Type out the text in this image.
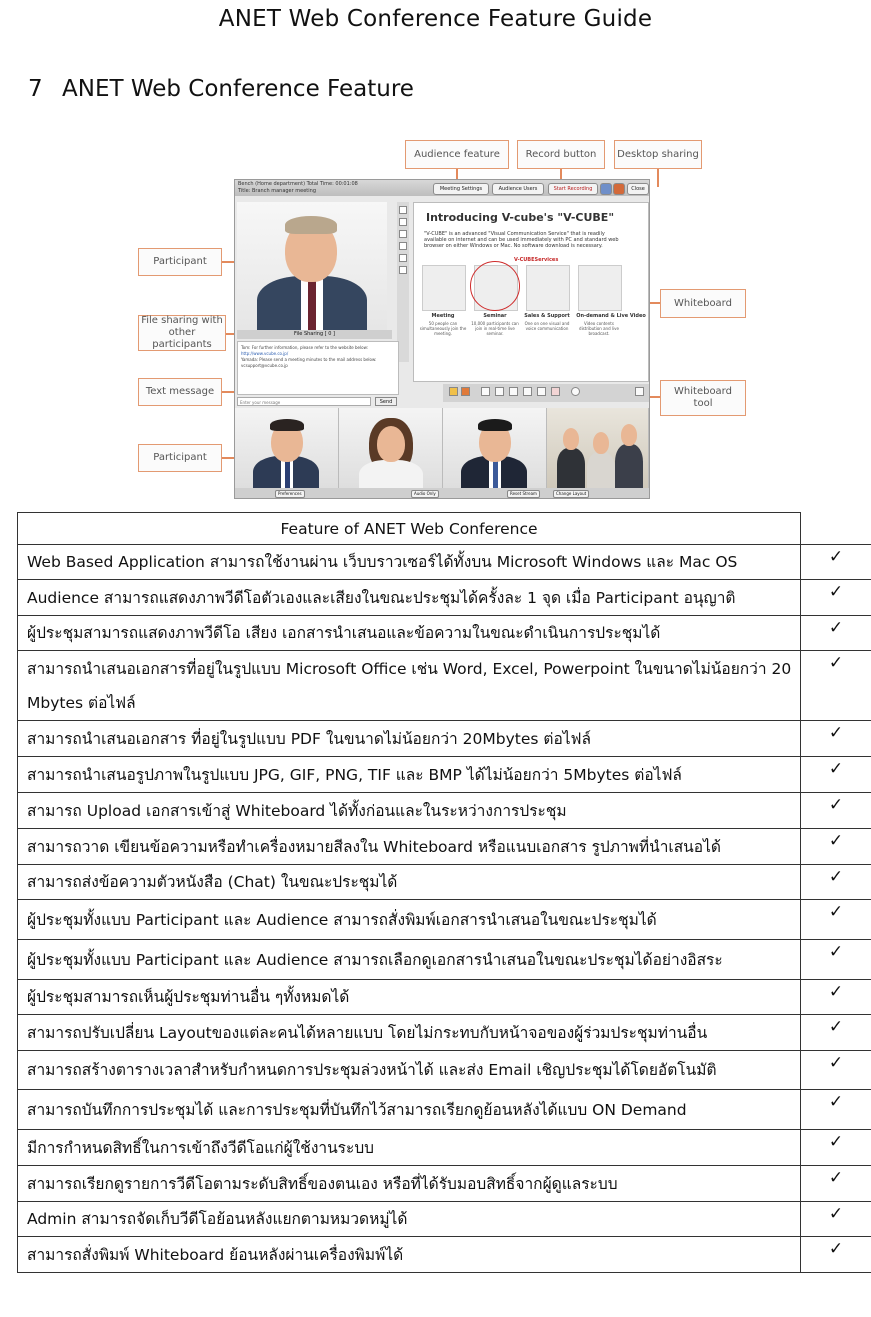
ANET Web Conference Feature Guide
7 ANET Web Conference Feature
Audience feature	Record button	Desktop sharing
Participant
File sharing with other participants
Text message
Participant
Whiteboard
Whiteboard tool
Bench (Home department) Total Time: 00:01:08
Title: Branch manager meeting	Meeting Settings	Audience Users	Start Recording	Close
Introducing V-cube's "V-CUBE"
"V-CUBE" is an advanced "Visual Communication Service" that is readily available on internet and can be used immediately with PC and standard web browser on either Windows or Mac. No software download is necessary.
V-CUBEServices
Meeting	Seminar	Sales & Support On-demand & Live Video
50 people can simultaneously join the meeting.
10,000 participants can join in real-time live seminar.
One on one visual and voice communication
Video contents distribution and live broadcast.
File Sharing [ 0 ]
Tom: For further information, please refer to the website below:
http://www.vcube.co.jp/
Yamada: Please send a meeting minutes to the mail address below:
vcsupport@vcube.co.jp
Enter your message	Send
Preferences	Audio Only	Reset Stream	Change Layout
Feature of ANET Web Conference	
Web Based Application สามารถใช้งานผ่าน เว็บบราวเซอร์ได้ทั้งบน Microsoft Windows และ Mac OS	✓
Audience สามารถแสดงภาพวีดีโอตัวเองและเสียงในขณะประชุมได้ครั้งละ 1 จุด เมื่อ Participant อนุญาติ	✓
ผู้ประชุมสามารถแสดงภาพวีดีโอ เสียง เอกสารนำเสนอและข้อความในขณะดำเนินการประชุมได้	✓
สามารถนำเสนอเอกสารที่อยู่ในรูปแบบ Microsoft Office เช่น Word, Excel, Powerpoint ในขนาดไม่น้อยกว่า 20 Mbytes ต่อไฟล์	✓
สามารถนำเสนอเอกสาร ที่อยู่ในรูปแบบ PDF ในขนาดไม่น้อยกว่า 20Mbytes ต่อไฟล์	✓
สามารถนำเสนอรูปภาพในรูปแบบ JPG, GIF, PNG, TIF และ BMP ได้ไม่น้อยกว่า 5Mbytes ต่อไฟล์	✓
สามารถ Upload เอกสารเข้าสู่ Whiteboard ได้ทั้งก่อนและในระหว่างการประชุม	✓
สามารถวาด เขียนข้อความหรือทำเครื่องหมายสีลงใน Whiteboard หรือแนบเอกสาร รูปภาพที่นำเสนอได้	✓
สามารถส่งข้อความตัวหนังสือ (Chat) ในขณะประชุมได้	✓
ผู้ประชุมทั้งแบบ Participant และ Audience สามารถสั่งพิมพ์เอกสารนำเสนอในขณะประชุมได้	✓
ผู้ประชุมทั้งแบบ Participant และ Audience สามารถเลือกดูเอกสารนำเสนอในขณะประชุมได้อย่างอิสระ	✓
ผู้ประชุมสามารถเห็นผู้ประชุมท่านอื่น ๆทั้งหมดได้	✓
สามารถปรับเปลี่ยน Layoutของแต่ละคนได้หลายแบบ โดยไม่กระทบกับหน้าจอของผู้ร่วมประชุมท่านอื่น	✓
สามารถสร้างตารางเวลาสำหรับกำหนดการประชุมล่วงหน้าได้ และส่ง Email เชิญประชุมได้โดยอัตโนมัติ	✓
สามารถบันทึกการประชุมได้ และการประชุมที่บันทึกไว้สามารถเรียกดูย้อนหลังได้แบบ ON Demand	✓
มีการกำหนดสิทธิ์ในการเข้าถึงวีดีโอแก่ผู้ใช้งานระบบ	✓
สามารถเรียกดูรายการวีดีโอตามระดับสิทธิ์ของตนเอง หรือที่ได้รับมอบสิทธิ์จากผู้ดูแลระบบ	✓
Admin สามารถจัดเก็บวีดีโอย้อนหลังแยกตามหมวดหมู่ได้	✓
สามารถสั่งพิมพ์ Whiteboard ย้อนหลังผ่านเครื่องพิมพ์ได้	✓
